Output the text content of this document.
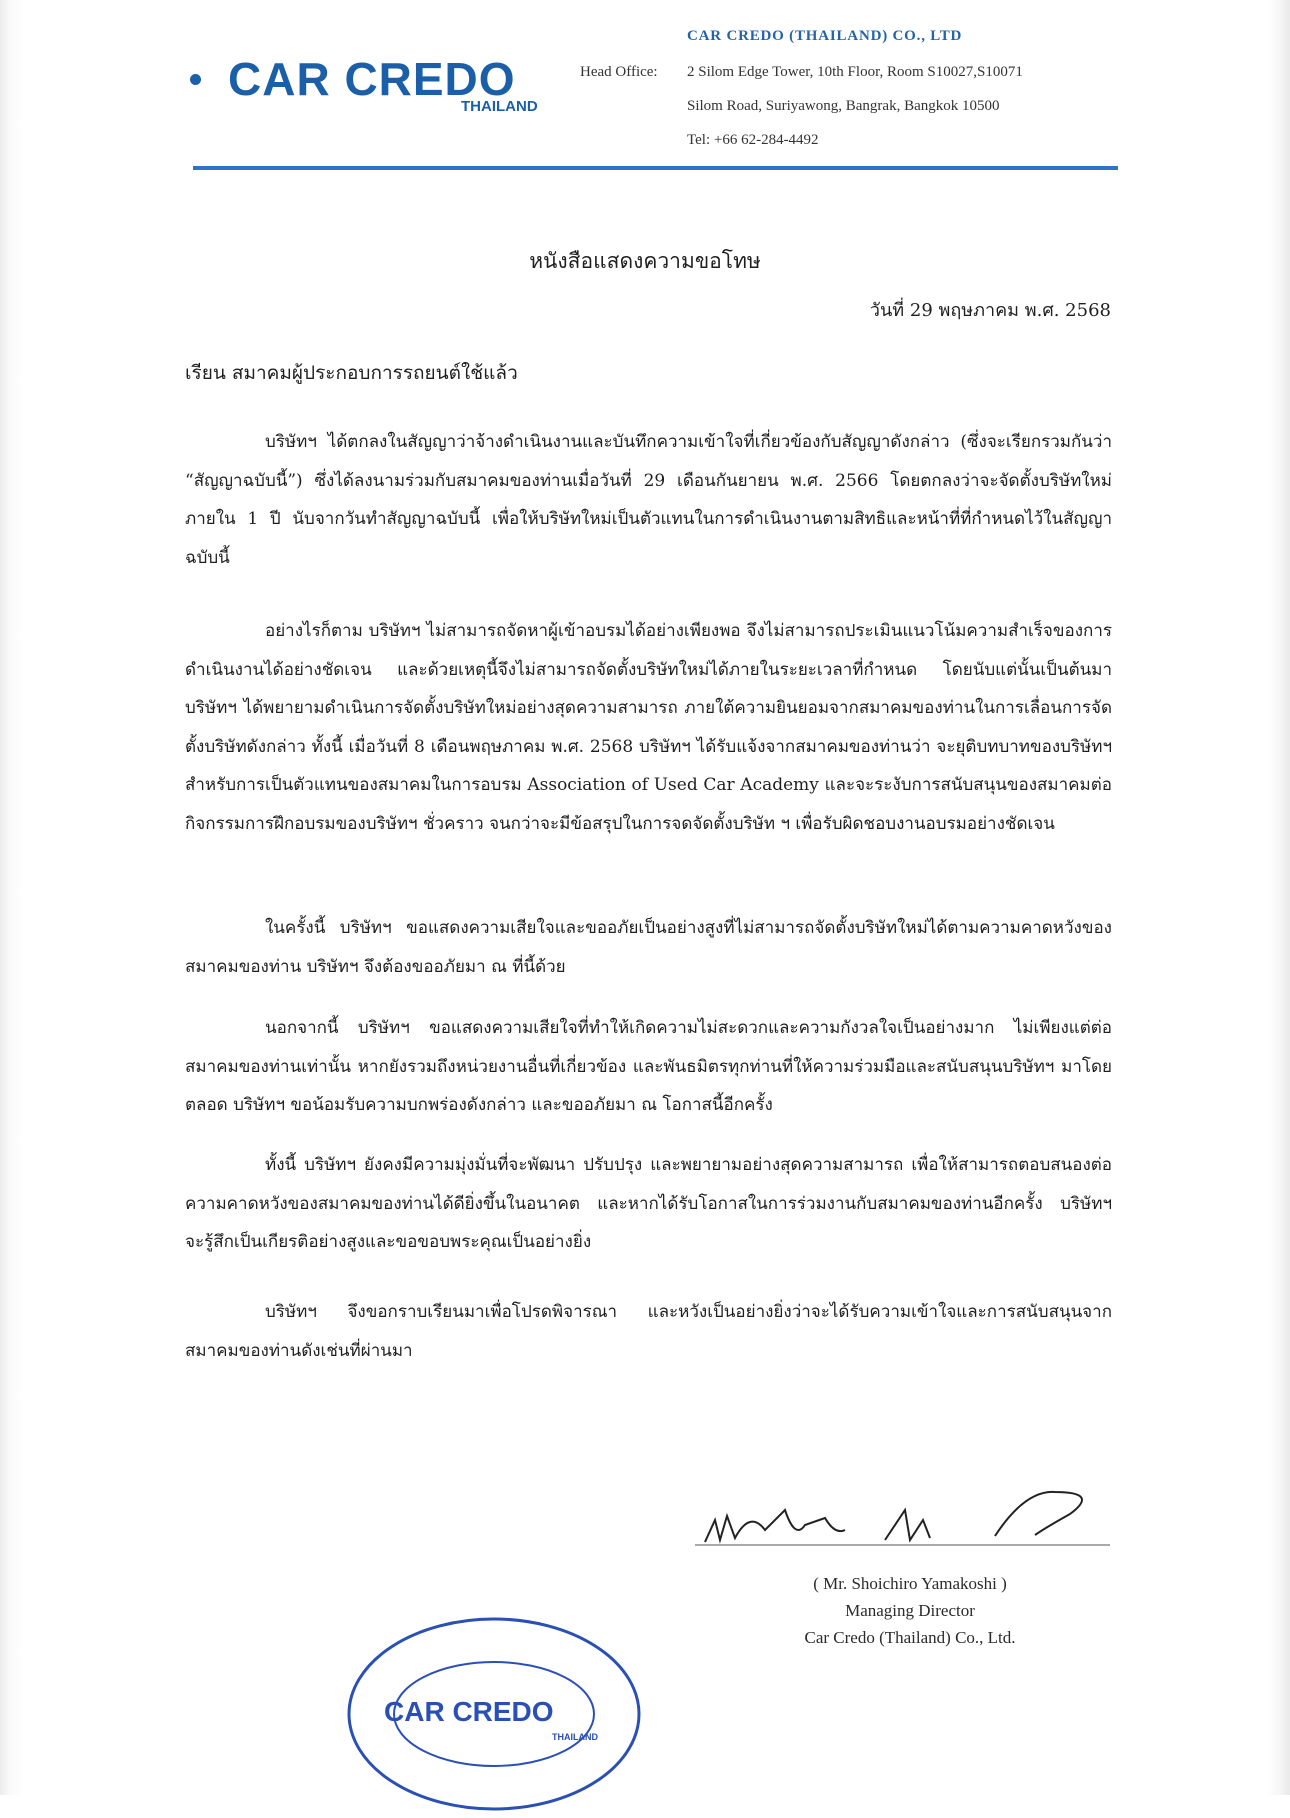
CAR CREDO
THAILAND
CAR CREDO (THAILAND) CO., LTD
Head Office: 2 Silom Edge Tower, 10th Floor, Room S10027,S10071
Silom Road, Suriyawong, Bangrak, Bangkok 10500
Tel: +66 62-284-4492
หนังสือแสดงความขอโทษ
วันที่ 29 พฤษภาคม พ.ศ. 2568
เรียน สมาคมผู้ประกอบการรถยนต์ใช้แล้ว
บริษัทฯ ได้ตกลงในสัญญาว่าจ้างดำเนินงานและบันทึกความเข้าใจที่เกี่ยวข้องกับสัญญาดังกล่าว (ซึ่งจะเรียกรวมกันว่า “สัญญาฉบับนี้”) ซึ่งได้ลงนามร่วมกับสมาคมของท่านเมื่อวันที่ 29 เดือนกันยายน พ.ศ. 2566 โดยตกลงว่าจะจัดตั้งบริษัทใหม่ภายใน 1 ปี นับจากวันทำสัญญาฉบับนี้ เพื่อให้บริษัทใหม่เป็นตัวแทนในการดำเนินงานตามสิทธิและหน้าที่ที่กำหนดไว้ในสัญญาฉบับนี้
อย่างไรก็ตาม บริษัทฯ ไม่สามารถจัดหาผู้เข้าอบรมได้อย่างเพียงพอ จึงไม่สามารถประเมินแนวโน้มความสำเร็จของการดำเนินงานได้อย่างชัดเจน และด้วยเหตุนี้จึงไม่สามารถจัดตั้งบริษัทใหม่ได้ภายในระยะเวลาที่กำหนด โดยนับแต่นั้นเป็นต้นมา บริษัทฯ ได้พยายามดำเนินการจัดตั้งบริษัทใหม่อย่างสุดความสามารถ ภายใต้ความยินยอมจากสมาคมของท่านในการเลื่อนการจัดตั้งบริษัทดังกล่าว ทั้งนี้ เมื่อวันที่ 8 เดือนพฤษภาคม พ.ศ. 2568 บริษัทฯ ได้รับแจ้งจากสมาคมของท่านว่า จะยุติบทบาทของบริษัทฯ สำหรับการเป็นตัวแทนของสมาคมในการอบรม Association of Used Car Academy และจะระงับการสนับสนุนของสมาคมต่อกิจกรรมการฝึกอบรมของบริษัทฯ ชั่วคราว จนกว่าจะมีข้อสรุปในการจดจัดตั้งบริษัท ฯ เพื่อรับผิดชอบงานอบรมอย่างชัดเจน
ในครั้งนี้ บริษัทฯ ขอแสดงความเสียใจและขออภัยเป็นอย่างสูงที่ไม่สามารถจัดตั้งบริษัทใหม่ได้ตามความคาดหวังของสมาคมของท่าน บริษัทฯ จึงต้องขออภัยมา ณ ที่นี้ด้วย
นอกจากนี้ บริษัทฯ ขอแสดงความเสียใจที่ทำให้เกิดความไม่สะดวกและความกังวลใจเป็นอย่างมาก ไม่เพียงแต่ต่อสมาคมของท่านเท่านั้น หากยังรวมถึงหน่วยงานอื่นที่เกี่ยวข้อง และพันธมิตรทุกท่านที่ให้ความร่วมมือและสนับสนุนบริษัทฯ มาโดยตลอด บริษัทฯ ขอน้อมรับความบกพร่องดังกล่าว และขออภัยมา ณ โอกาสนี้อีกครั้ง
ทั้งนี้ บริษัทฯ ยังคงมีความมุ่งมั่นที่จะพัฒนา ปรับปรุง และพยายามอย่างสุดความสามารถ เพื่อให้สามารถตอบสนองต่อความคาดหวังของสมาคมของท่านได้ดียิ่งขึ้นในอนาคต และหากได้รับโอกาสในการร่วมงานกับสมาคมของท่านอีกครั้ง บริษัทฯ จะรู้สึกเป็นเกียรติอย่างสูงและขอขอบพระคุณเป็นอย่างยิ่ง
บริษัทฯ จึงขอกราบเรียนมาเพื่อโปรดพิจารณา และหวังเป็นอย่างยิ่งว่าจะได้รับความเข้าใจและการสนับสนุนจากสมาคมของท่านดังเช่นที่ผ่านมา
CAR CREDO
THAILAND
( Mr. Shoichiro Yamakoshi )
Managing Director
Car Credo (Thailand) Co., Ltd.
